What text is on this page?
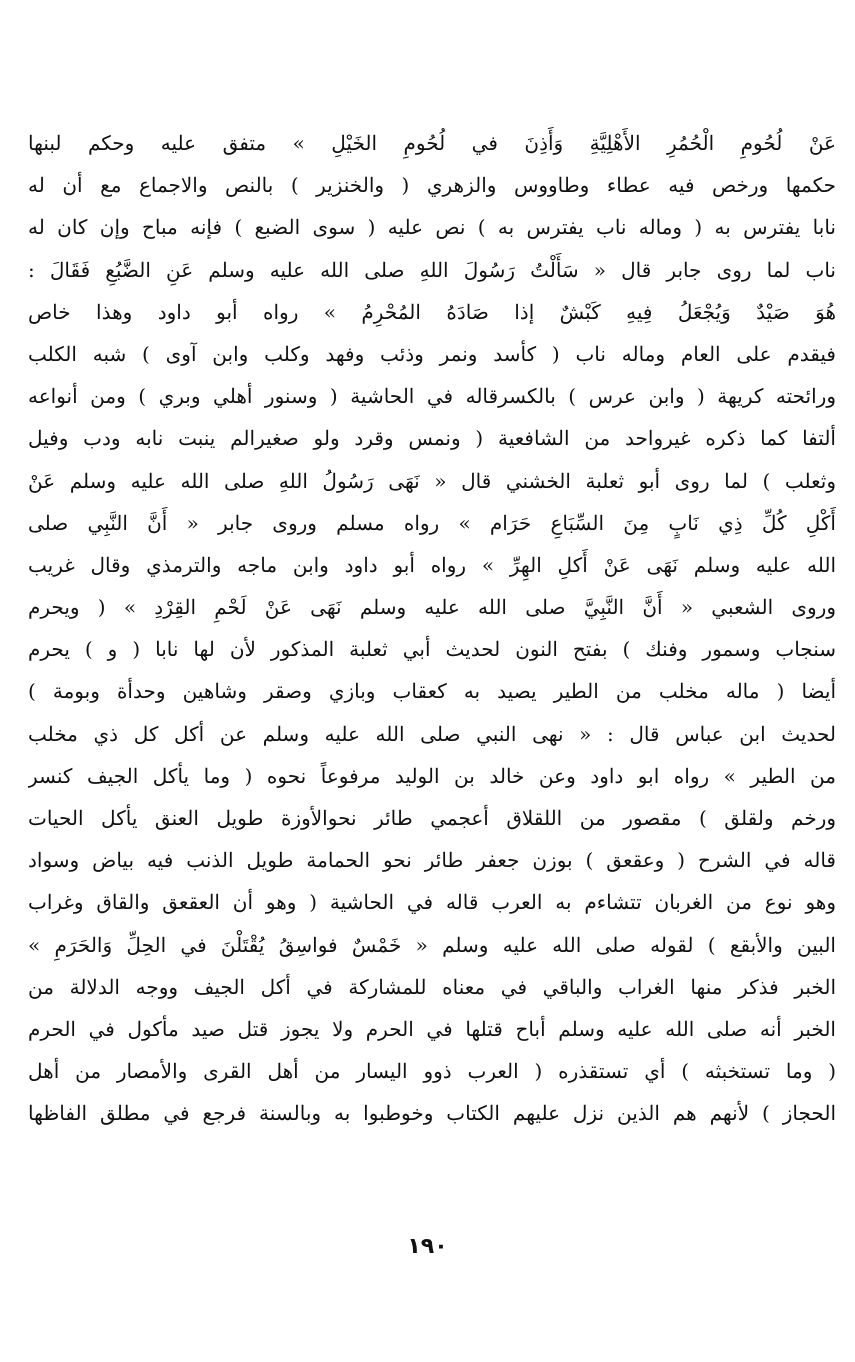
عَنْ لُحُومِ الْحُمُرِ الأَهْلِيَّةِ وَأَذِنَ في لُحُومِ الخَيْلِ » متفق عليه وحكم لبنها
حكمها ورخص فيه عطاء وطاووس والزهري ( والخنزير ) بالنص والاجماع مع أن له
نابا يفترس به ( وماله ناب يفترس به ) نص عليه ( سوى الضبع ) فإنه مباح وإن كان له
ناب لما روى جابر قال « سَأَلْتُ رَسُولَ اللهِ صلى الله عليه وسلم عَنِ الضَّبُعِ فَقَالَ :
هُوَ صَيْدٌ وَيُجْعَلُ فِيهِ كَبْشٌ إذا صَادَهُ المُحْرِمُ » رواه أبو داود وهذا خاص
فيقدم على العام وماله ناب ( كأسد ونمر وذئب وفهد وكلب وابن آوى ) شبه الكلب
ورائحته كريهة ( وابن عرس ) بالكسرقاله في الحاشية ( وسنور أهلي وبري ) ومن أنواعه
ألتفا كما ذكره غيرواحد من الشافعية ( ونمس وقرد ولو صغيرالم ينبت نابه ودب وفيل
وثعلب ) لما روى أبو ثعلبة الخشني قال « نَهَى رَسُولُ اللهِ صلى الله عليه وسلم عَنْ
أَكْلِ كُلِّ ذِي نَابٍ مِنَ السِّبَاعِ حَرَام » رواه مسلم وروى جابر « أَنَّ النَّبِي صلى
الله عليه وسلم نَهَى عَنْ أَكلِ الهِرِّ » رواه أبو داود وابن ماجه والترمذي وقال غريب
وروى الشعبي « أَنَّ النَّبِيَّ صلى الله عليه وسلم نَهَى عَنْ لَحْمِ القِرْدِ » ( ويحرم
سنجاب وسمور وفنك ) بفتح النون لحديث أبي ثعلبة المذكور لأن لها نابا ( و ) يحرم
أيضا ( ماله مخلب من الطير يصيد به كعقاب وبازي وصقر وشاهين وحدأة وبومة )
لحديث ابن عباس قال : « نهى النبي صلى الله عليه وسلم عن أكل كل ذي مخلب
من الطير » رواه ابو داود وعن خالد بن الوليد مرفوعاً نحوه ( وما يأكل الجيف كنسر
ورخم ولقلق ) مقصور من اللقلاق أعجمي طائر نحوالأوزة طويل العنق يأكل الحيات
قاله في الشرح ( وعقعق ) بوزن جعفر طائر نحو الحمامة طويل الذنب فيه بياض وسواد
وهو نوع من الغربان تتشاءم به العرب قاله في الحاشية ( وهو أن العقعق والقاق وغراب
البين والأبقع ) لقوله صلى الله عليه وسلم « خَمْسٌ فواسِقُ يُقْتَلْنَ في الحِلِّ وَالحَرَمِ »
الخبر فذكر منها الغراب والباقي في معناه للمشاركة في أكل الجيف ووجه الدلالة من
الخبر أنه صلى الله عليه وسلم أباح قتلها في الحرم ولا يجوز قتل صيد مأكول في الحرم
( وما تستخبثه ) أي تستقذره ( العرب ذوو اليسار من أهل القرى والأمصار من أهل
الحجاز ) لأنهم هم الذين نزل عليهم الكتاب وخوطبوا به وبالسنة فرجع في مطلق الفاظها
١٩٠
